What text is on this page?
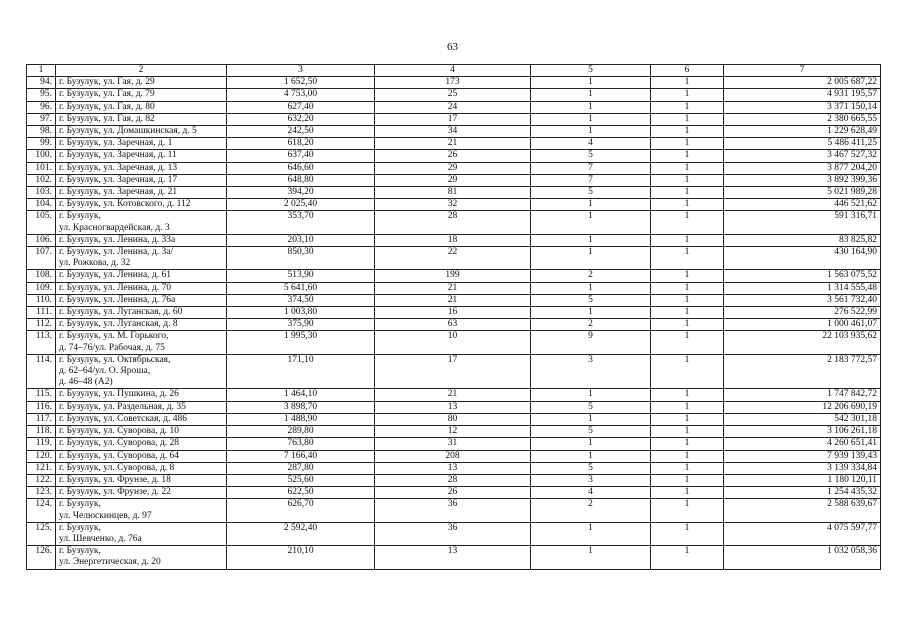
63
1	2	3	4	5	6	7
94.	г. Бузулук, ул. Гая, д. 29	1 652,50	173	1	1	2 005 687,22
95.	г. Бузулук, ул. Гая, д. 79	4 753,00	25	1	1	4 931 195,57
96.	г. Бузулук, ул. Гая, д. 80	627,40	24	1	1	3 371 150,14
97.	г. Бузулук, ул. Гая, д. 82	632,20	17	1	1	2 380 665,55
98.	г. Бузулук, ул. Домашкинская, д. 5	242,50	34	1	1	1 229 628,49
99.	г. Бузулук, ул. Заречная, д. 1	618,20	21	4	1	5 486 411,25
100.	г. Бузулук, ул. Заречная, д. 11	637,40	26	5	1	3 467 527,32
101.	г. Бузулук, ул. Заречная, д. 13	646,60	29	7	1	3 877 204,20
102.	г. Бузулук, ул. Заречная, д. 17	648,80	29	7	1	3 892 399,36
103.	г. Бузулук, ул. Заречная, д. 21	394,20	81	5	1	5 021 989,28
104.	г. Бузулук, ул. Котовского, д. 112	2 025,40	32	1	1	446 521,62
105.	г. Бузулук,
ул. Красногвардейская, д. 3	353,70	28	1	1	591 316,71
106.	г. Бузулук, ул. Ленина, д. 33а	203,10	18	1	1	83 825,82
107.	г. Бузулук, ул. Ленина, д. 3а/
ул. Рожкова, д. 32	850,30	22	1	1	430 164,90
108.	г. Бузулук, ул. Ленина, д. 61	513,90	199	2	1	1 563 075,52
109.	г. Бузулук, ул. Ленина, д. 70	5 641,60	21	1	1	1 314 555,48
110.	г. Бузулук, ул. Ленина, д. 76а	374,50	21	5	1	3 561 732,40
111.	г. Бузулук, ул. Луганская, д. 60	1 003,80	16	1	1	276 522,99
112.	г. Бузулук, ул. Луганская, д. 8	375,90	63	2	1	1 000 461,07
113.	г. Бузулук, ул. М. Горького,
д. 74–76/ул. Рабочая, д. 75	1 995,30	10	9	1	22 103 935,62
114.	г. Бузулук, ул. Октябрьская,
д. 62–64/ул. О. Ярошa,
д. 46–48 (А2)	171,10	17	3	1	2 183 772,57
115.	г. Бузулук, ул. Пушкина, д. 26	1 464,10	21	1	1	1 747 842,72
116.	г. Бузулук, ул. Раздельная, д. 35	3 898,70	13	5	1	12 206 690,19
117.	г. Бузулук, ул. Советская, д. 486	1 488,90	80	1	1	542 301,18
118.	г. Бузулук, ул. Суворова, д. 10	289,80	12	5	1	3 106 261,18
119.	г. Бузулук, ул. Суворова, д. 28	763,80	31	1	1	4 260 651,41
120.	г. Бузулук, ул. Суворова, д. 64	7 166,40	208	1	1	7 939 139,43
121.	г. Бузулук, ул. Суворова, д. 8	287,80	13	5	1	3 139 334,84
122.	г. Бузулук, ул. Фрунзе, д. 18	525,60	28	3	1	1 180 120,11
123.	г. Бузулук, ул. Фрунзе, д. 22	622,50	26	4	1	1 254 435,32
124.	г. Бузулук,
ул. Челюскинцев, д. 97	626,70	36	2	1	2 588 639,67
125.	г. Бузулук,
ул. Шевченко, д. 76а	2 592,40	36	1	1	4 075 597,77
126.	г. Бузулук,
ул. Энергетическая, д. 20	210,10	13	1	1	1 032 058,36
